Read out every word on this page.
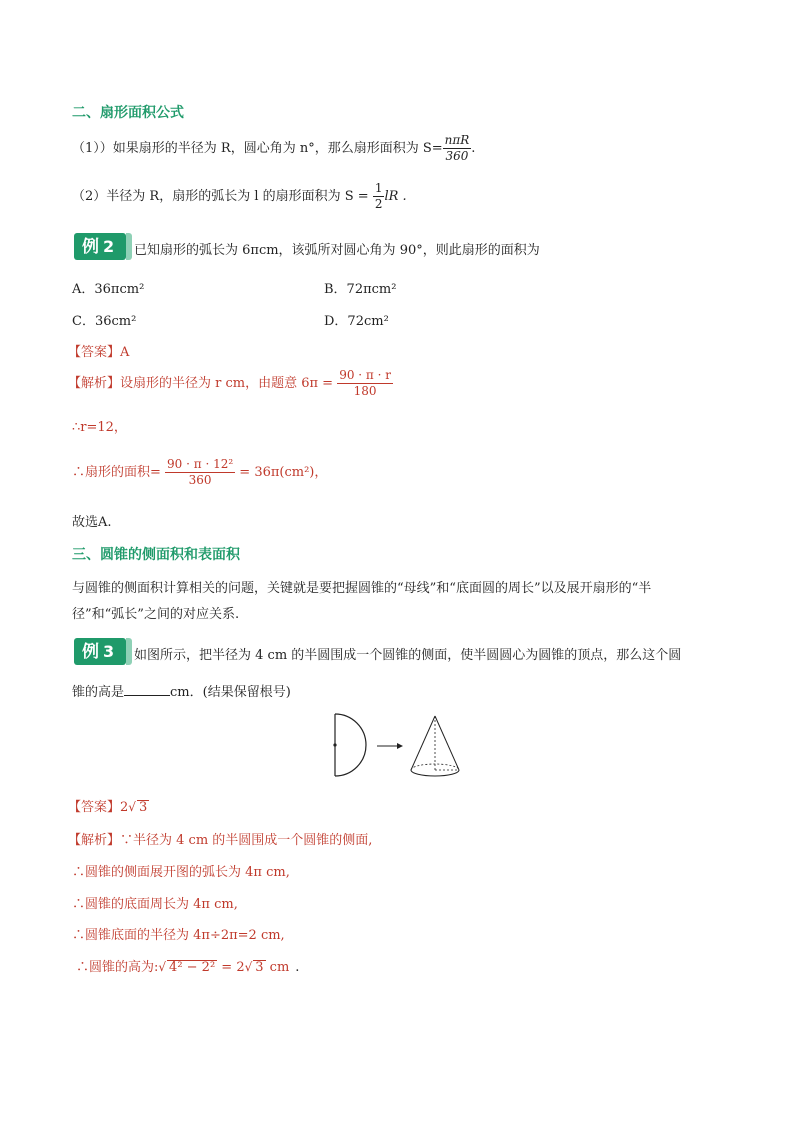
二、扇形面积公式
（1））如果扇形的半径为 R，圆心角为 n°，那么扇形面积为 $S= \frac{\text{nπR}}{360}$ .
（2）半径为 R，扇形的弧长为 l 的扇形面积为 $S = \frac{1}{2}$ lR .
例 2	已知扇形的弧长为 6πcm，该弧所对圆心角为 90°，则此扇形的面积为
A．36πcm²	B．72πcm²
C．36cm²	D．72cm²
【答案】A
【解析】设扇形的半径为 r cm，由题意 $6\pi = \frac{90 \cdot \pi \cdot r}{180}$
∴r=12，
∴扇形的面积= $\frac{\text{90 · π · 12²}}{360} = 36\pi(cm^2)$，
故选A.
三、圆锥的侧面积和表面积
与圆锥的侧面积计算相关的问题，关键就是要把握圆锥的“母线”和“底面圆的周长”以及展开扇形的“半
径”和“弧长”之间的对应关系.
例 3	如图所示，把半径为 4 cm 的半圆围成一个圆锥的侧面，使半圆圆心为圆锥的顶点，那么这个圆
锥的高是	cm．(结果保留根号)
【答案】2√ 3
【解析】∵半径为 4 cm 的半圆围成一个圆锥的侧面,
∴圆锥的侧面展开图的弧长为 4π cm,
∴圆锥的底面周长为 4π cm,
∴圆锥底面的半径为 4π÷2π=2 cm,
∴圆锥的高为:√ 4² − 2² = 2√ 3 cm .
